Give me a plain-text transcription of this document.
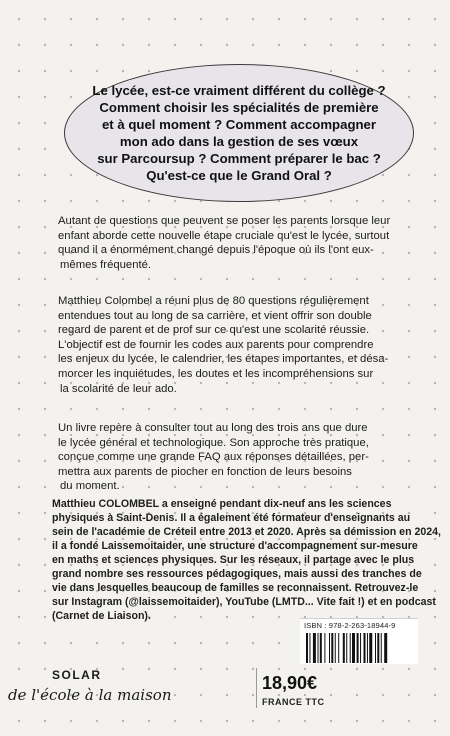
Le lycée, est-ce vraiment différent du collège ?
Comment choisir les spécialités de première
et à quel moment ? Comment accompagner
mon ado dans la gestion de ses vœux
sur Parcoursup ? Comment préparer le bac ?
Qu'est-ce que le Grand Oral ?
Autant de questions que peuvent se poser les parents lorsque leur
enfant aborde cette nouvelle étape cruciale qu'est le lycée, surtout
quand il a énormément changé depuis l'époque où ils l'ont eux-
mêmes fréquenté.
Matthieu Colombel a réuni plus de 80 questions régulièrement
entendues tout au long de sa carrière, et vient offrir son double
regard de parent et de prof sur ce qu'est une scolarité réussie.
L'objectif est de fournir les codes aux parents pour comprendre
les enjeux du lycée, le calendrier, les étapes importantes, et désa-
morcer les inquiétudes, les doutes et les incompréhensions sur
la scolarité de leur ado.
Un livre repère à consulter tout au long des trois ans que dure
le lycée général et technologique. Son approche très pratique,
conçue comme une grande FAQ aux réponses détaillées, per-
mettra aux parents de piocher en fonction de leurs besoins
du moment.
Matthieu COLOMBEL a enseigné pendant dix-neuf ans les sciences
physiques à Saint-Denis. Il a également été formateur d'enseignants au
sein de l'académie de Créteil entre 2013 et 2020. Après sa démission en 2024,
il a fondé Laissemoitaider, une structure d'accompagnement sur-mesure
en maths et sciences physiques. Sur les réseaux, il partage avec le plus
grand nombre ses ressources pédagogiques, mais aussi des tranches de
vie dans lesquelles beaucoup de familles se reconnaissent. Retrouvez-le
sur Instagram (@laissemoitaider), YouTube (LMTD... Vite fait !) et en podcast
(Carnet de Liaison).
ISBN : 978-2-263-18944-9
SOLAR
de l'école à la maison
18,90€
FRANCE TTC
